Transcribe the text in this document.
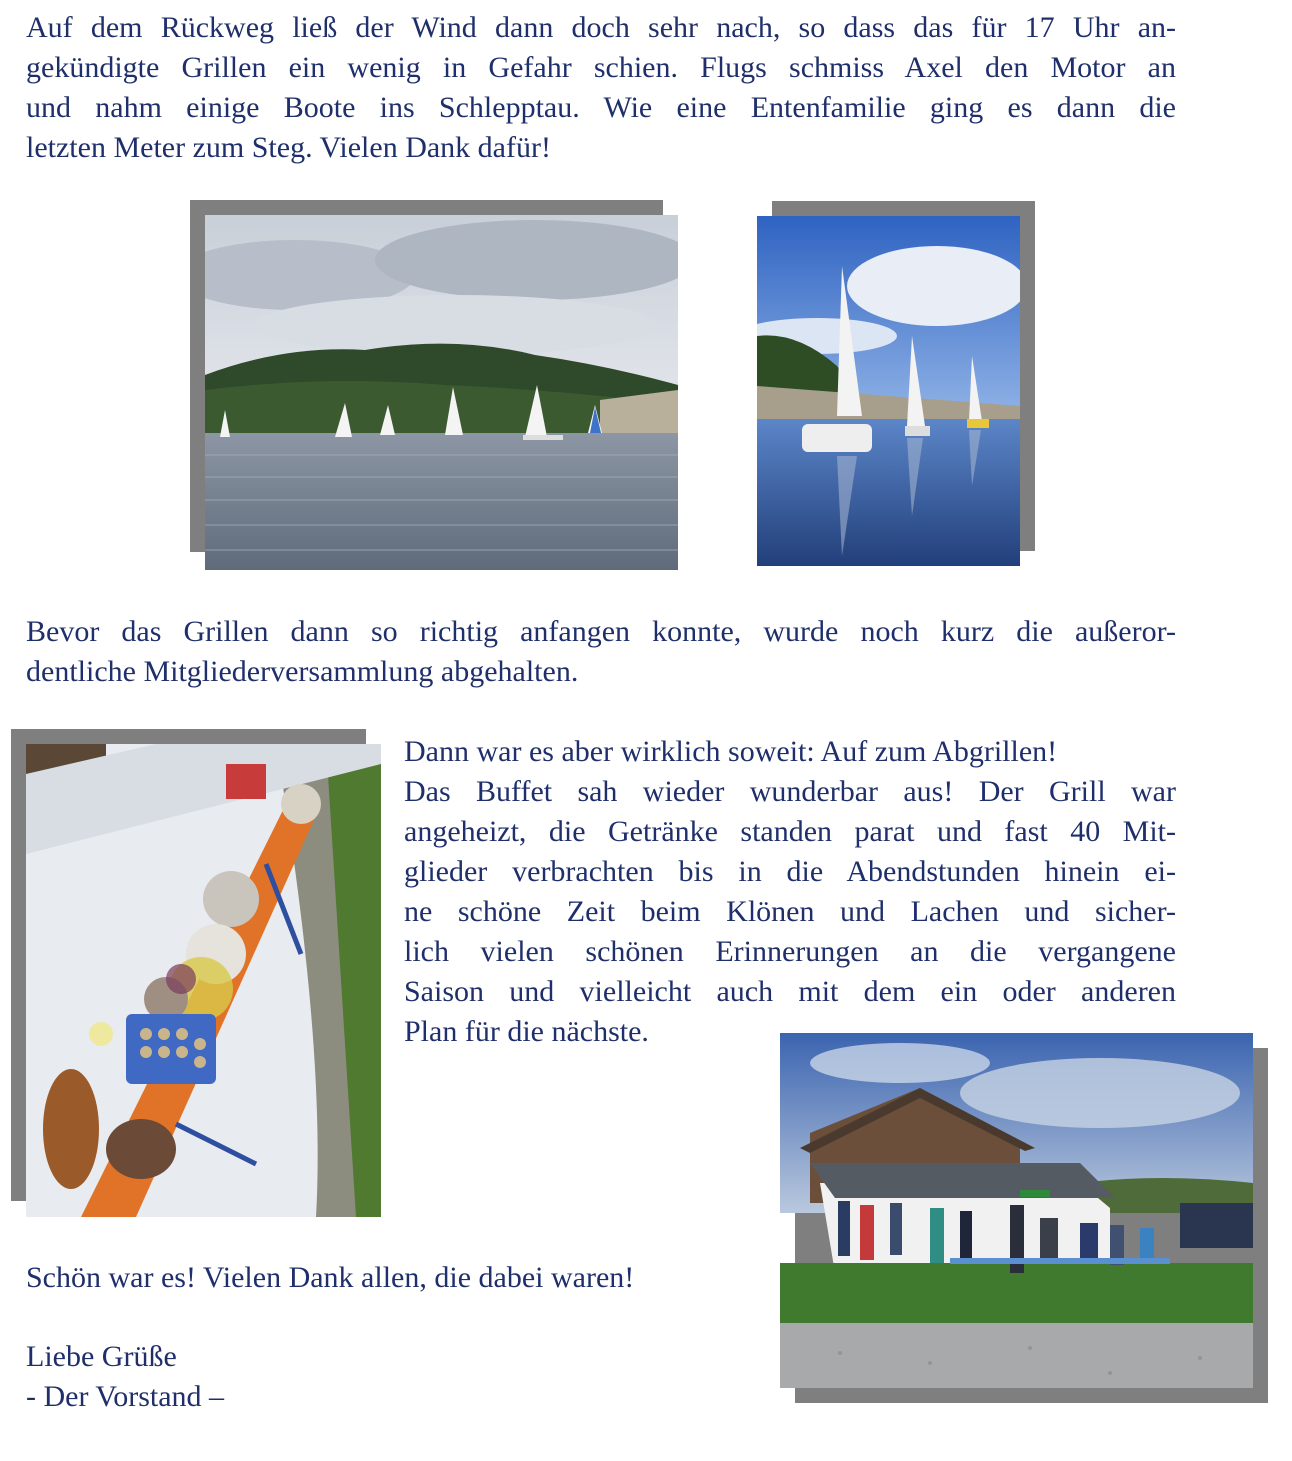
Auf dem Rückweg ließ der Wind dann doch sehr nach, so dass das für 17 Uhr an-
gekündigte Grillen ein wenig in Gefahr schien. Flugs schmiss Axel den Motor an
und nahm einige Boote ins Schlepptau. Wie eine Entenfamilie ging es dann die
letzten Meter zum Steg. Vielen Dank dafür!
Bevor das Grillen dann so richtig anfangen konnte, wurde noch kurz die außeror-
dentliche Mitgliederversammlung abgehalten.
Dann war es aber wirklich soweit: Auf zum Abgrillen!
Das Buffet sah wieder wunderbar aus! Der Grill war
angeheizt, die Getränke standen parat und fast 40 Mit-
glieder verbrachten bis in die Abendstunden hinein ei-
ne schöne Zeit beim Klönen und Lachen und sicher-
lich vielen schönen Erinnerungen an die vergangene
Saison und vielleicht auch mit dem ein oder anderen
Plan für die nächste.
Schön war es! Vielen Dank allen, die dabei waren!
Liebe Grüße
- Der Vorstand –
